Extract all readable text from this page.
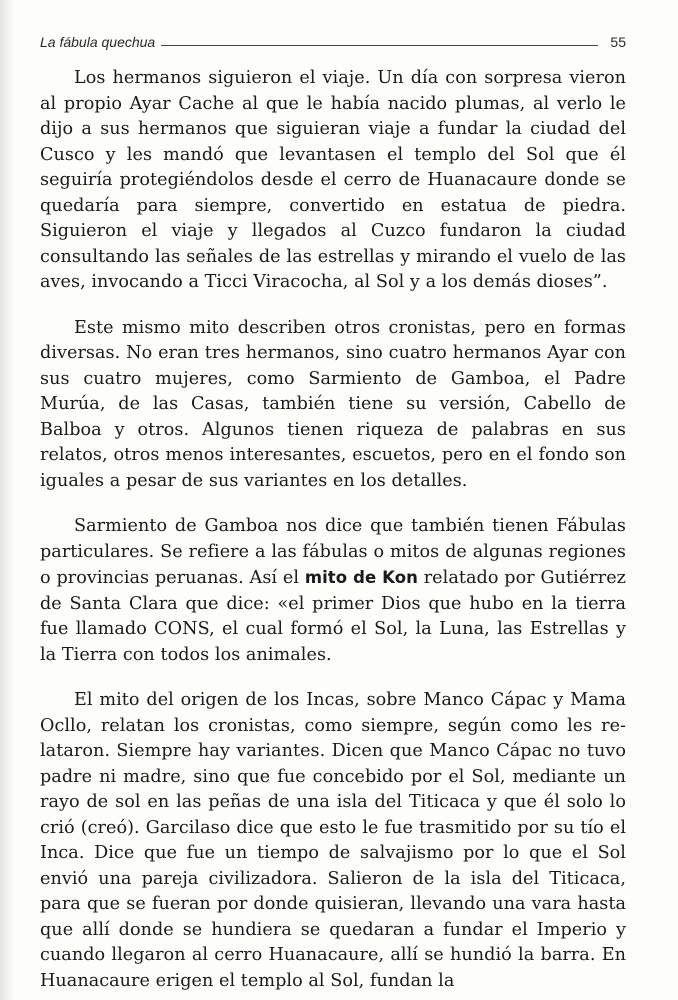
La fábula quechua	55

Los hermanos siguieron el viaje. Un día con sorpresa vieron al propio Ayar Cache al que le había nacido plumas, al verlo le dijo a sus hermanos que siguieran viaje a fundar la ciudad del Cusco y les mandó que levantasen el templo del Sol que él seguiría protegiéndolos desde el cerro de Huanacaure donde se quedaría para siempre, convertido en estatua de piedra. Siguieron el viaje y llegados al Cuzco fundaron la ciudad consultando las señales de las estrellas y mirando el vuelo de las aves, invocando a Ticci Viracocha, al Sol y a los demás dioses”.

Este mismo mito describen otros cronistas, pero en formas diversas. No eran tres hermanos, sino cuatro hermanos Ayar con sus cuatro mujeres, como Sarmiento de Gamboa, el Padre Murúa, de las Casas, también tiene su versión, Cabello de Balboa y otros. Algunos tienen riqueza de palabras en sus relatos, otros menos interesantes, escuetos, pero en el fondo son iguales a pesar de sus variantes en los detalles.

Sarmiento de Gamboa nos dice que también tienen Fábulas particulares. Se refiere a las fábulas o mitos de algunas regiones o provincias peruanas. Así el mito de Kon relatado por Gutiérrez de Santa Clara que dice: «el primer Dios que hubo en la tierra fue llamado CONS, el cual formó el Sol, la Luna, las Estrellas y la Tierra con todos los animales.

El mito del origen de los Incas, sobre Manco Cápac y Mama Ocllo, relatan los cronistas, como siempre, según como les relataron. Siempre hay variantes. Dicen que Manco Cápac no tuvo padre ni madre, sino que fue concebido por el Sol, mediante un rayo de sol en las peñas de una isla del Titicaca y que él solo lo crió (creó). Garcilaso dice que esto le fue trasmitido por su tío el Inca. Dice que fue un tiempo de salvajismo por lo que el Sol envió una pareja civilizadora. Salieron de la isla del Titicaca, para que se fueran por donde quisieran, llevando una vara hasta que allí donde se hundiera se quedaran a fundar el Imperio y cuando llegaron al cerro Huanacaure, allí se hundió la barra. En Huanacaure erigen el templo al Sol, fundan la
